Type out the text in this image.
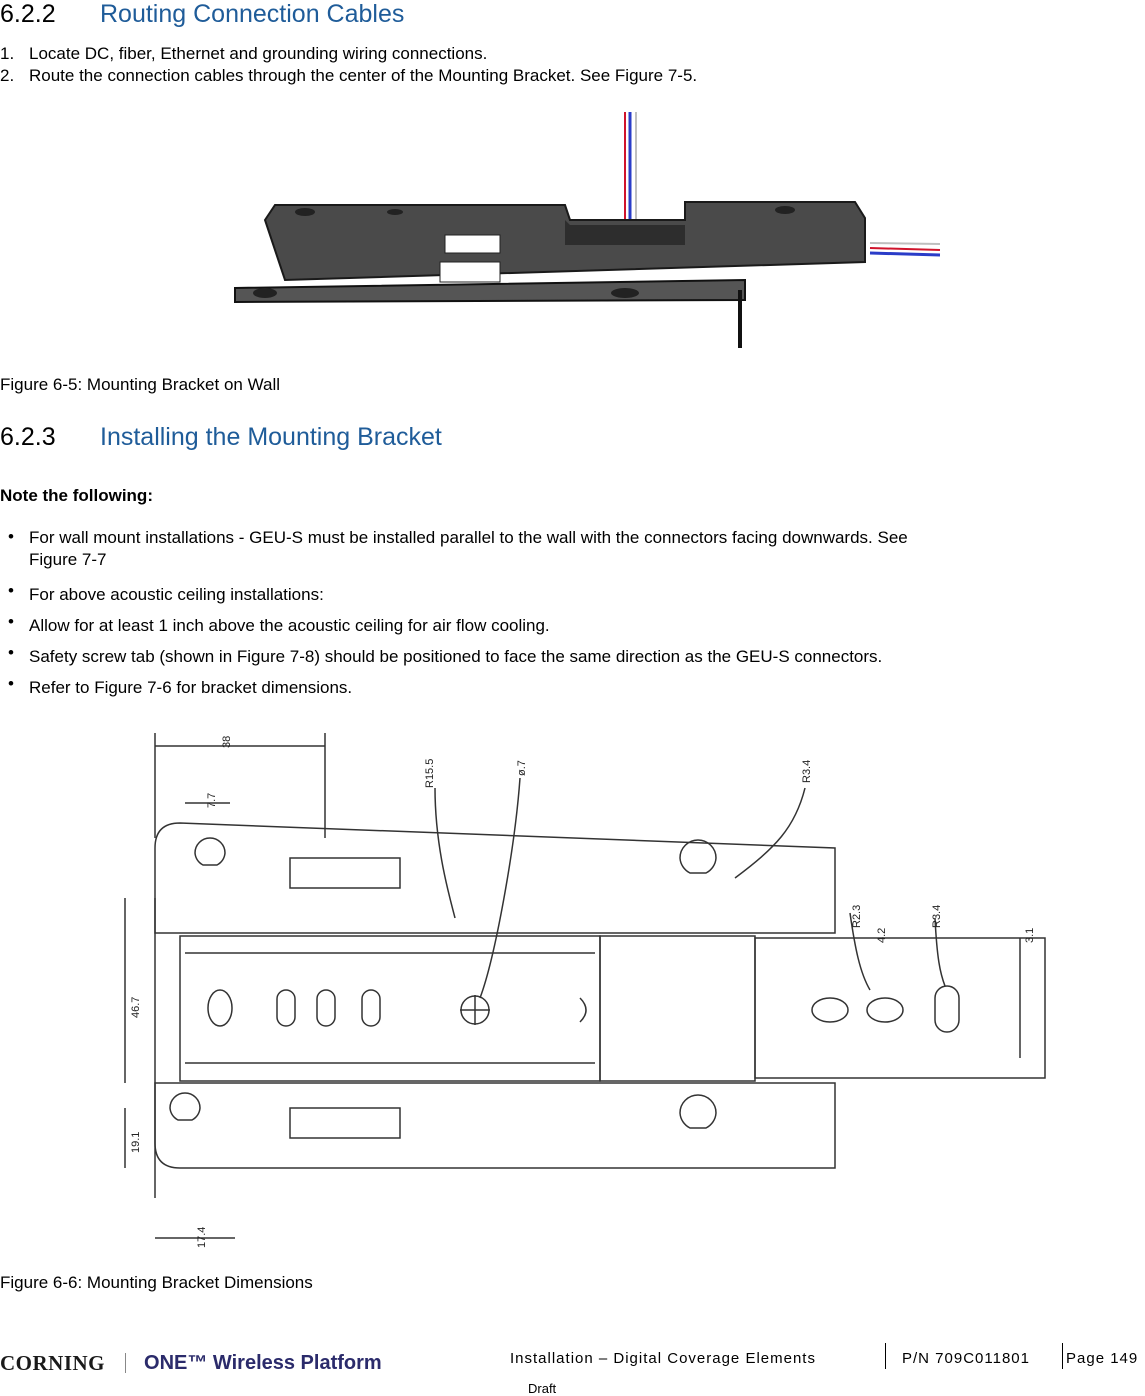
6.2.2 Routing Connection Cables
1. Locate DC, fiber, Ethernet and grounding wiring connections.
2. Route the connection cables through the center of the Mounting Bracket. See Figure 7-5.
Figure 6-5: Mounting Bracket on Wall
6.2.3 Installing the Mounting Bracket
Note the following:
• For wall mount installations - GEU-S must be installed parallel to the wall with the connectors facing downwards. See
Figure 7-7
• For above acoustic ceiling installations:
• Allow for at least 1 inch above the acoustic ceiling for air flow cooling.
• Safety screw tab (shown in Figure 7-8) should be positioned to face the same direction as the GEU-S connectors.
• Refer to Figure 7-6 for bracket dimensions.
38
7.7
R15.5	ø.7	R3.4
R2.3
4.2
R3.4
3.1
46.7
19.1
17.4
Figure 6-6: Mounting Bracket Dimensions
CORNING ONE™ Wireless Platform	Installation – Digital Coverage Elements	P/N 709C011801 Page 149
Draft
